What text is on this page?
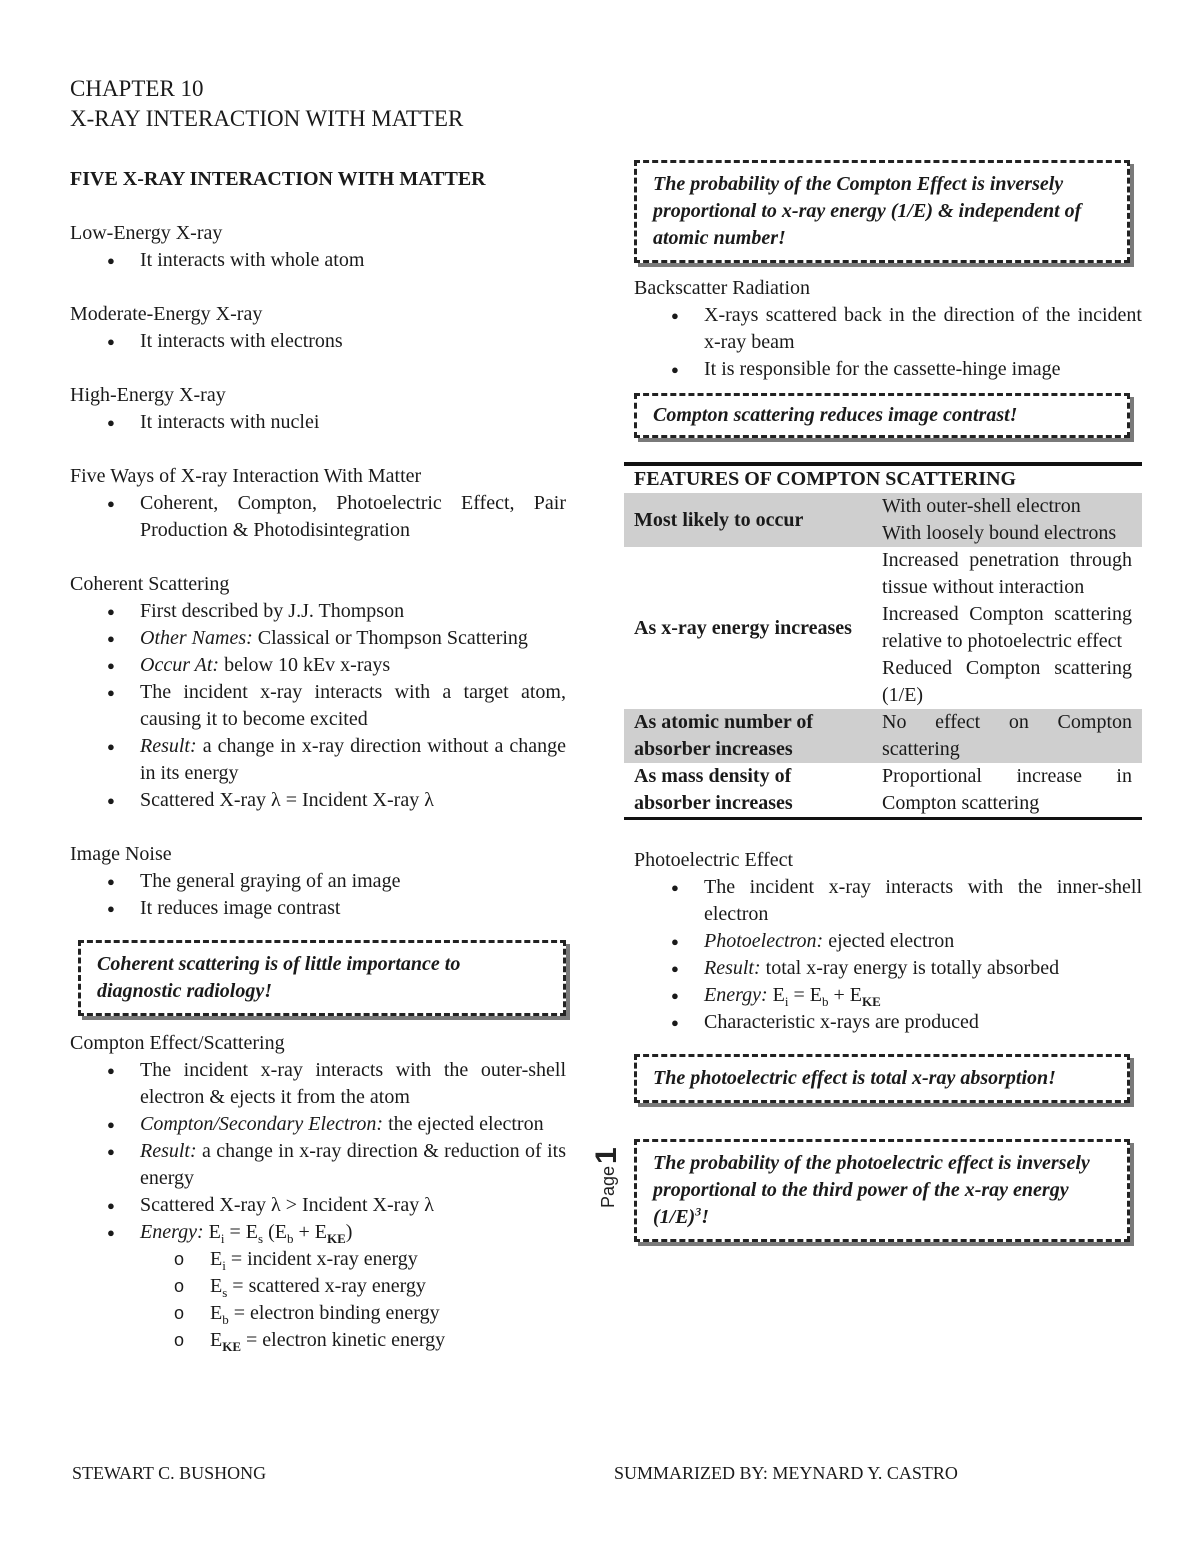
CHAPTER 10
X-RAY INTERACTION WITH MATTER
FIVE X-RAY INTERACTION WITH MATTER
Low-Energy X-ray
● It interacts with whole atom
Moderate-Energy X-ray
● It interacts with electrons
High-Energy X-ray
● It interacts with nuclei
Five Ways of X-ray Interaction With Matter
● Coherent, Compton, Photoelectric Effect, Pair Production & Photodisintegration
Coherent Scattering
● First described by J.J. Thompson
● Other Names: Classical or Thompson Scattering
● Occur At: below 10 kEv x-rays
● The incident x-ray interacts with a target atom, causing it to become excited
● Result: a change in x-ray direction without a change in its energy
● Scattered X-ray λ = Incident X-ray λ
Image Noise
● The general graying of an image
● It reduces image contrast
Coherent scattering is of little importance to diagnostic radiology!
Compton Effect/Scattering
● The incident x-ray interacts with the outer-shell electron & ejects it from the atom
● Compton/Secondary Electron: the ejected electron
● Result: a change in x-ray direction & reduction of its energy
● Scattered X-ray λ > Incident X-ray λ
● Energy: $E_i = E_s$ $(E_b + E_{KE})$
o $E_i$ = incident x-ray energy
o $E_s$ = scattered x-ray energy
o $E_b$ = electron binding energy
o $E_{KE}$ = electron kinetic energy
The probability of the Compton Effect is inversely proportional to x-ray energy (1/E) & independent of atomic number!
Backscatter Radiation
● X-rays scattered back in the direction of the incident x-ray beam
● It is responsible for the cassette-hinge image
Compton scattering reduces image contrast!
FEATURES OF COMPTON SCATTERING	
Most likely to occur	With outer-shell electron
With loosely bound electrons

As x-ray energy increases	Increased penetration through tissue without interaction
Increased Compton scattering relative to photoelectric effect
Reduced Compton scattering (1/E)

As atomic number of absorber increases	No effect on Compton scattering
As mass density of absorber increases	Proportional increase in Compton scattering
Photoelectric Effect
● The incident x-ray interacts with the inner-shell electron
● Photoelectron: ejected electron
● Result: total x-ray energy is totally absorbed
● Energy: $E_i = E_b + E_{KE}$
● Characteristic x-rays are produced
The photoelectric effect is total x-ray absorption!
The probability of the photoelectric effect is inversely proportional to the third power of the x-ray energy $(1/E)^3$!
Page
1
STEWART C. BUSHONG	SUMMARIZED BY: MEYNARD Y. CASTRO
